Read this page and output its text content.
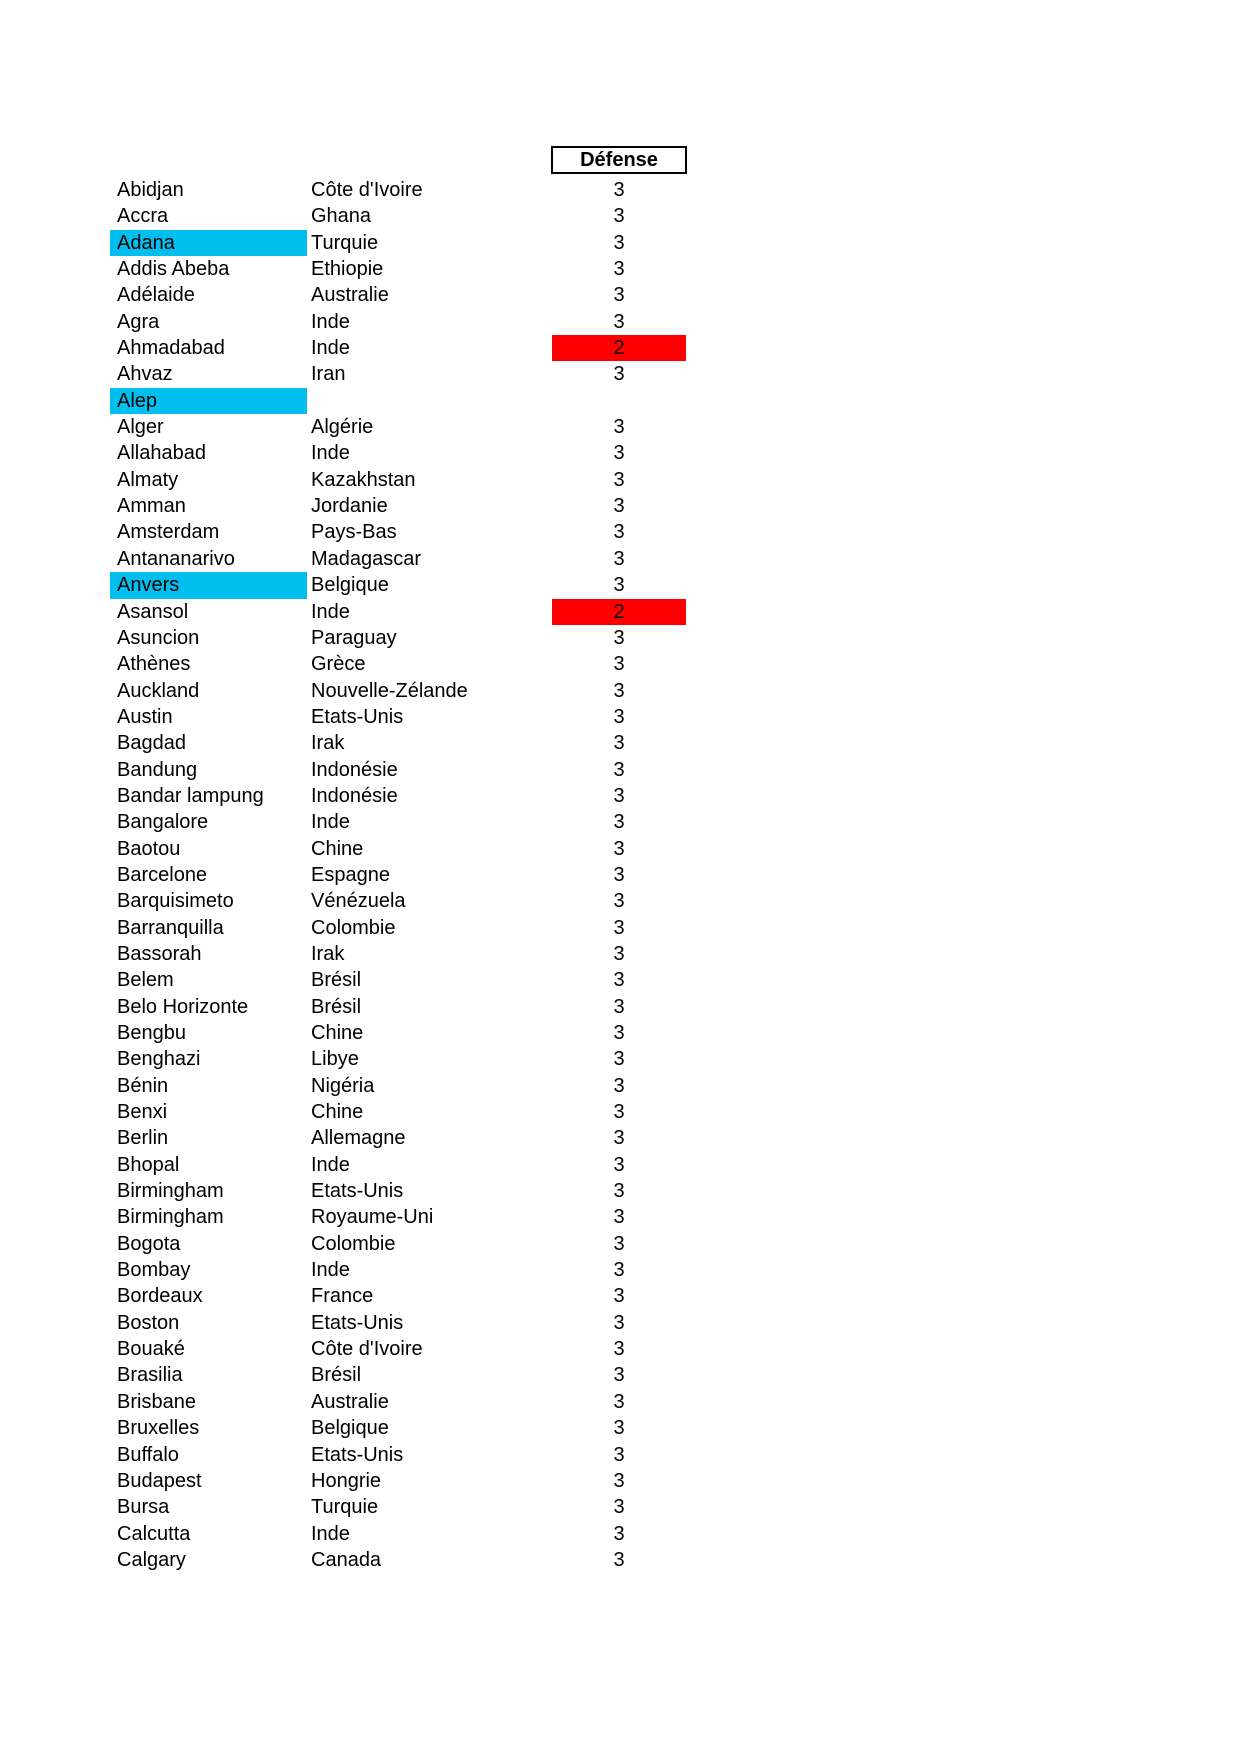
Défense
Abidjan	Côte d'Ivoire	3
Accra	Ghana	3
Adana	Turquie	3
Addis Abeba	Ethiopie	3
Adélaide	Australie	3
Agra	Inde	3
Ahmadabad	Inde	2
Ahvaz	Iran	3
Alep
Alger	Algérie	3
Allahabad	Inde	3
Almaty	Kazakhstan	3
Amman	Jordanie	3
Amsterdam	Pays-Bas	3
Antananarivo	Madagascar	3
Anvers	Belgique	3
Asansol	Inde	2
Asuncion	Paraguay	3
Athènes	Grèce	3
Auckland	Nouvelle-Zélande	3
Austin	Etats-Unis	3
Bagdad	Irak	3
Bandung	Indonésie	3
Bandar lampung	Indonésie	3
Bangalore	Inde	3
Baotou	Chine	3
Barcelone	Espagne	3
Barquisimeto	Vénézuela	3
Barranquilla	Colombie	3
Bassorah	Irak	3
Belem	Brésil	3
Belo Horizonte	Brésil	3
Bengbu	Chine	3
Benghazi	Libye	3
Bénin	Nigéria	3
Benxi	Chine	3
Berlin	Allemagne	3
Bhopal	Inde	3
Birmingham	Etats-Unis	3
Birmingham	Royaume-Uni	3
Bogota	Colombie	3
Bombay	Inde	3
Bordeaux	France	3
Boston	Etats-Unis	3
Bouaké	Côte d'Ivoire	3
Brasilia	Brésil	3
Brisbane	Australie	3
Bruxelles	Belgique	3
Buffalo	Etats-Unis	3
Budapest	Hongrie	3
Bursa	Turquie	3
Calcutta	Inde	3
Calgary	Canada	3
